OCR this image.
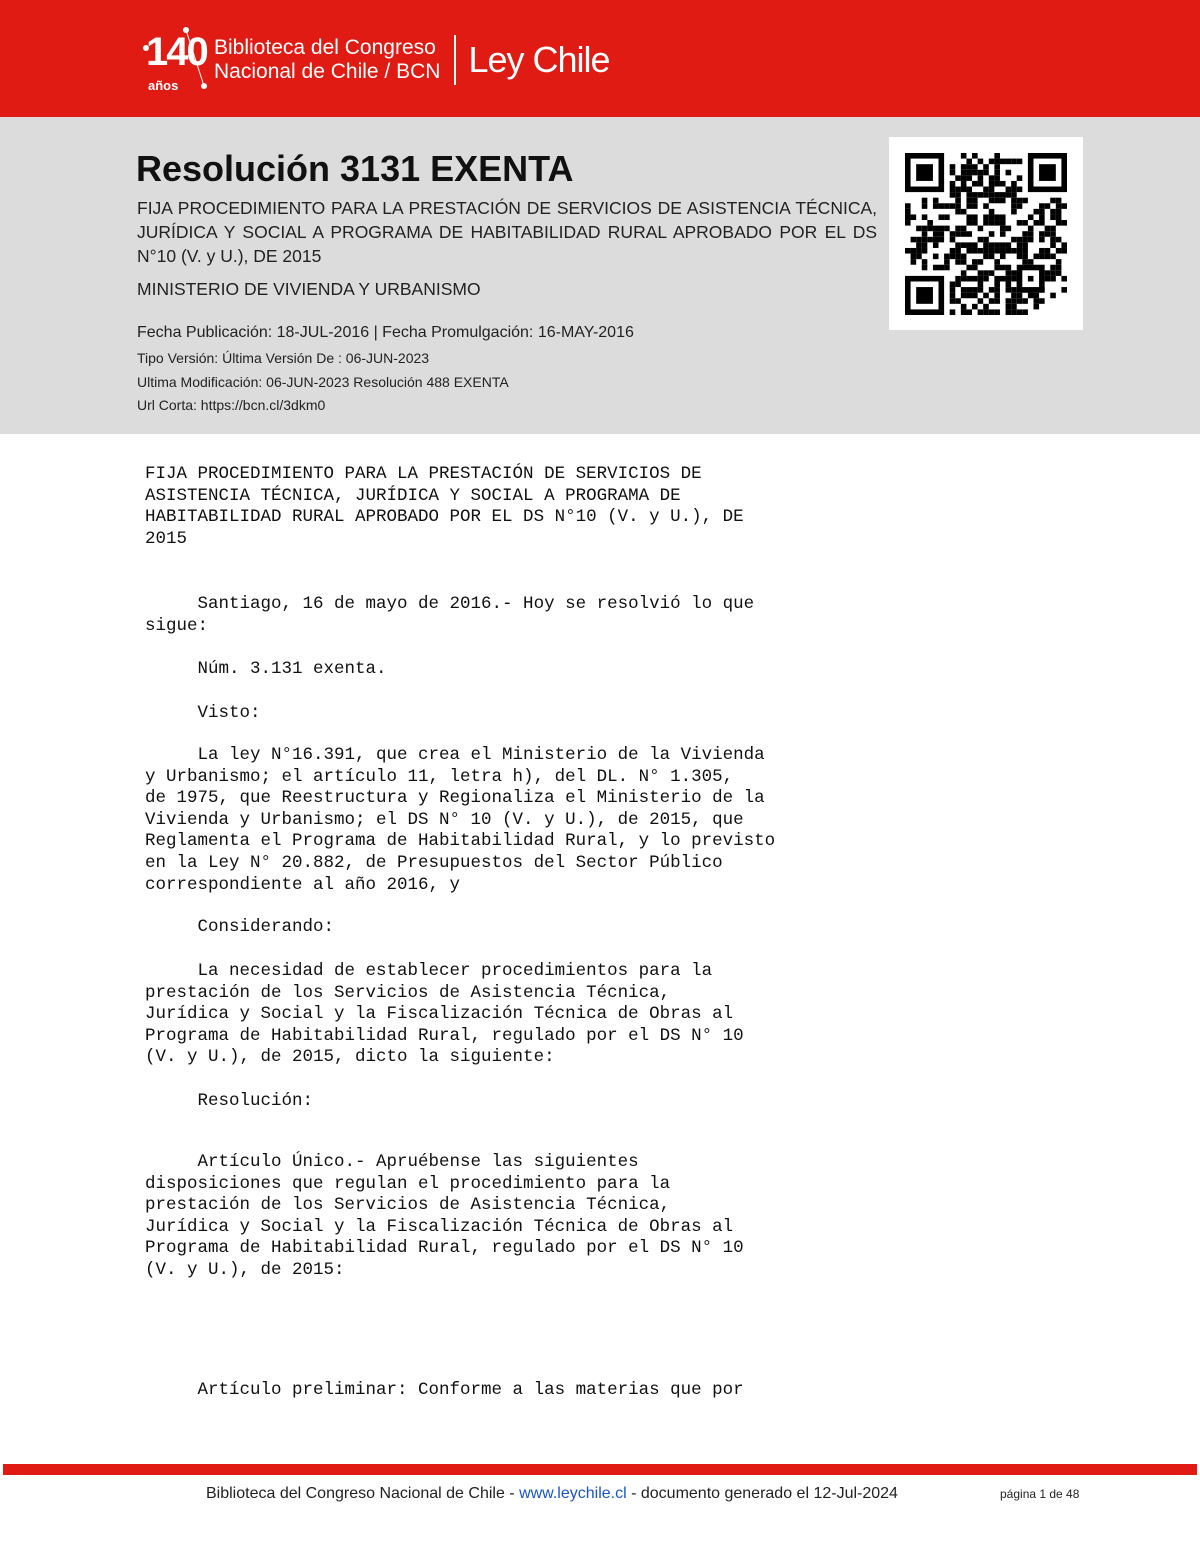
140
años
Biblioteca del Congreso
Nacional de Chile / BCN Ley Chile
Resolución 3131 EXENTA

FIJA PROCEDIMIENTO PARA LA PRESTACIÓN DE SERVICIOS DE ASISTENCIA TÉCNICA, JURÍDICA Y SOCIAL A PROGRAMA DE HABITABILIDAD RURAL APROBADO POR EL DS N°10 (V. y U.), DE 2015

MINISTERIO DE VIVIENDA Y URBANISMO
Fecha Publicación: 18-JUL-2016 | Fecha Promulgación: 16-MAY-2016
Tipo Versión: Última Versión De : 06-JUN-2023
Ultima Modificación: 06-JUN-2023 Resolución 488 EXENTA
Url Corta: https://bcn.cl/3dkm0
FIJA PROCEDIMIENTO PARA LA PRESTACIÓN DE SERVICIOS DE
ASISTENCIA TÉCNICA, JURÍDICA Y SOCIAL A PROGRAMA DE
HABITABILIDAD RURAL APROBADO POR EL DS N°10 (V. y U.), DE
2015
Santiago, 16 de mayo de 2016.- Hoy se resolvió lo que
sigue:
Núm. 3.131 exenta.
Visto:
La ley N°16.391, que crea el Ministerio de la Vivienda
y Urbanismo; el artículo 11, letra h), del DL. N° 1.305,
de 1975, que Reestructura y Regionaliza el Ministerio de la
Vivienda y Urbanismo; el DS N° 10 (V. y U.), de 2015, que
Reglamenta el Programa de Habitabilidad Rural, y lo previsto
en la Ley N° 20.882, de Presupuestos del Sector Público
correspondiente al año 2016, y
Considerando:
La necesidad de establecer procedimientos para la
prestación de los Servicios de Asistencia Técnica,
Jurídica y Social y la Fiscalización Técnica de Obras al
Programa de Habitabilidad Rural, regulado por el DS N° 10
(V. y U.), de 2015, dicto la siguiente:
Resolución:
Artículo Único.- Apruébense las siguientes
disposiciones que regulan el procedimiento para la
prestación de los Servicios de Asistencia Técnica,
Jurídica y Social y la Fiscalización Técnica de Obras al
Programa de Habitabilidad Rural, regulado por el DS N° 10
(V. y U.), de 2015:
Artículo preliminar: Conforme a las materias que por
Biblioteca del Congreso Nacional de Chile - www.leychile.cl - documento generado el 12-Jul-2024	página 1 de 48
